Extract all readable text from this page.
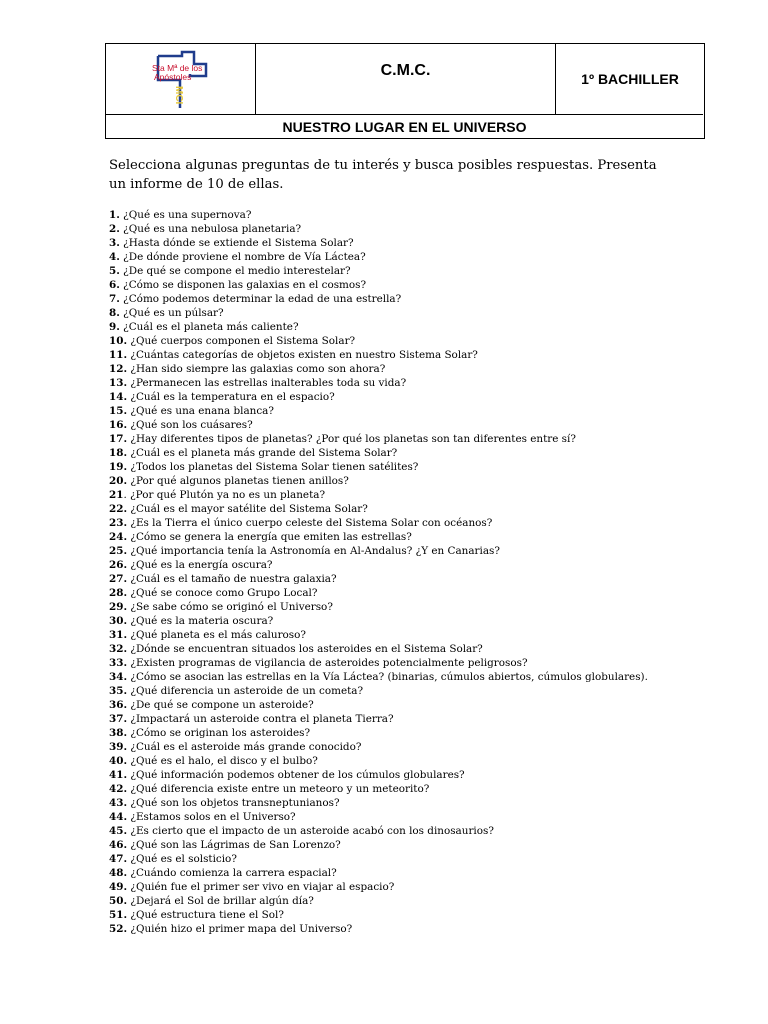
Sta Mª de los
Apóstoles
MCI
C.M.C.	1º BACHILLER
NUESTRO LUGAR EN EL UNIVERSO

Selecciona algunas preguntas de tu interés y busca posibles respuestas. Presenta un informe de 10 de ellas.

1. ¿Qué es una supernova?
2. ¿Qué es una nebulosa planetaria?
3. ¿Hasta dónde se extiende el Sistema Solar?
4. ¿De dónde proviene el nombre de Vía Láctea?
5. ¿De qué se compone el medio interestelar?
6. ¿Cómo se disponen las galaxias en el cosmos?
7. ¿Cómo podemos determinar la edad de una estrella?
8. ¿Qué es un púlsar?
9. ¿Cuál es el planeta más caliente?
10. ¿Qué cuerpos componen el Sistema Solar?
11. ¿Cuántas categorías de objetos existen en nuestro Sistema Solar?
12. ¿Han sido siempre las galaxias como son ahora?
13. ¿Permanecen las estrellas inalterables toda su vida?
14. ¿Cuál es la temperatura en el espacio?
15. ¿Qué es una enana blanca?
16. ¿Qué son los cuásares?
17. ¿Hay diferentes tipos de planetas? ¿Por qué los planetas son tan diferentes entre sí?
18. ¿Cuál es el planeta más grande del Sistema Solar?
19. ¿Todos los planetas del Sistema Solar tienen satélites?
20. ¿Por qué algunos planetas tienen anillos?
21. ¿Por qué Plutón ya no es un planeta?
22. ¿Cuál es el mayor satélite del Sistema Solar?
23. ¿Es la Tierra el único cuerpo celeste del Sistema Solar con océanos?
24. ¿Cómo se genera la energía que emiten las estrellas?
25. ¿Qué importancia tenía la Astronomía en Al-Andalus? ¿Y en Canarias?
26. ¿Qué es la energía oscura?
27. ¿Cuál es el tamaño de nuestra galaxia?
28. ¿Qué se conoce como Grupo Local?
29. ¿Se sabe cómo se originó el Universo?
30. ¿Qué es la materia oscura?
31. ¿Qué planeta es el más caluroso?
32. ¿Dónde se encuentran situados los asteroides en el Sistema Solar?
33. ¿Existen programas de vigilancia de asteroides potencialmente peligrosos?
34. ¿Cómo se asocian las estrellas en la Vía Láctea? (binarias, cúmulos abiertos, cúmulos globulares).
35. ¿Qué diferencia un asteroide de un cometa?
36. ¿De qué se compone un asteroide?
37. ¿Impactará un asteroide contra el planeta Tierra?
38. ¿Cómo se originan los asteroides?
39. ¿Cuál es el asteroide más grande conocido?
40. ¿Qué es el halo, el disco y el bulbo?
41. ¿Qué información podemos obtener de los cúmulos globulares?
42. ¿Qué diferencia existe entre un meteoro y un meteorito?
43. ¿Qué son los objetos transneptunianos?
44. ¿Estamos solos en el Universo?
45. ¿Es cierto que el impacto de un asteroide acabó con los dinosaurios?
46. ¿Qué son las Lágrimas de San Lorenzo?
47. ¿Qué es el solsticio?
48. ¿Cuándo comienza la carrera espacial?
49. ¿Quién fue el primer ser vivo en viajar al espacio?
50. ¿Dejará el Sol de brillar algún día?
51. ¿Qué estructura tiene el Sol?
52. ¿Quién hizo el primer mapa del Universo?
